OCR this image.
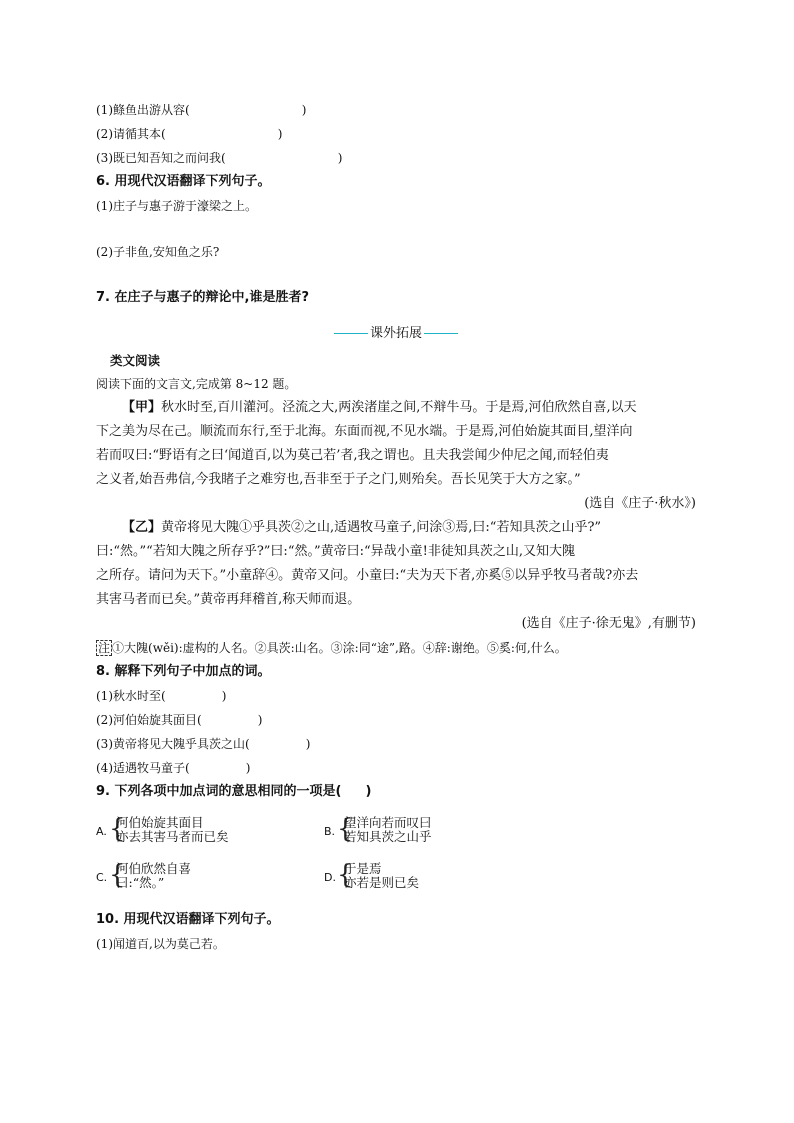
(1)鲦鱼出游从容(	)
(2)请循其本(	)
(3)既已知吾知之而问我(	)
6. 用现代汉语翻译下列句子。
(1)庄子与惠子游于濠梁之上。
(2)子非鱼,安知鱼之乐?
7. 在庄子与惠子的辩论中,谁是胜者?
课外拓展
类文阅读
阅读下面的文言文,完成第 8~12 题。
【甲】秋水时至,百川灌河。泾流之大,两涘渚崖之间,不辩牛马。于是焉,河伯欣然自喜,以天
下之美为尽在己。顺流而东行,至于北海。东面而视,不见水端。于是焉,河伯始旋其面目,望洋向
若而叹曰:“野语有之曰‘闻道百,以为莫己若’者,我之谓也。且夫我尝闻少仲尼之闻,而轻伯夷
之义者,始吾弗信,今我睹子之难穷也,吾非至于子之门,则殆矣。吾长见笑于大方之家。”
(选自《庄子·秋水》)
【乙】黄帝将见大隗①乎具茨②之山,适遇牧马童子,问涂③焉,曰:“若知具茨之山乎?”
曰:“然。”“若知大隗之所存乎?”曰:“然。”黄帝曰:“异哉小童!非徒知具茨之山,又知大隗
之所存。请问为天下。”小童辞④。黄帝又问。小童曰:“夫为天下者,亦奚⑤以异乎牧马者哉?亦去
其害马者而已矣。”黄帝再拜稽首,称天师而退。
(选自《庄子·徐无鬼》,有删节)
注 ①大隗(wěi):虚构的人名。②具茨:山名。③涂:同“途”,路。④辞:谢绝。⑤奚:何,什么。
8. 解释下列句子中加点的词。
(1)秋水时至(	)
(2)河伯始旋其面目(	)
(3)黄帝将见大隗乎具茨之山(	)
(4)适遇牧马童子(	)
9. 下列各项中加点词的意思相同的一项是( )
A. {
河伯始旋其面目
亦去其害马者而已矣	B. {
望洋向若而叹曰
若知具茨之山乎
C. {
河伯欣然自喜
曰:“然。”	D. {
于是焉
亦若是则已矣
10. 用现代汉语翻译下列句子。
(1)闻道百,以为莫己若。
